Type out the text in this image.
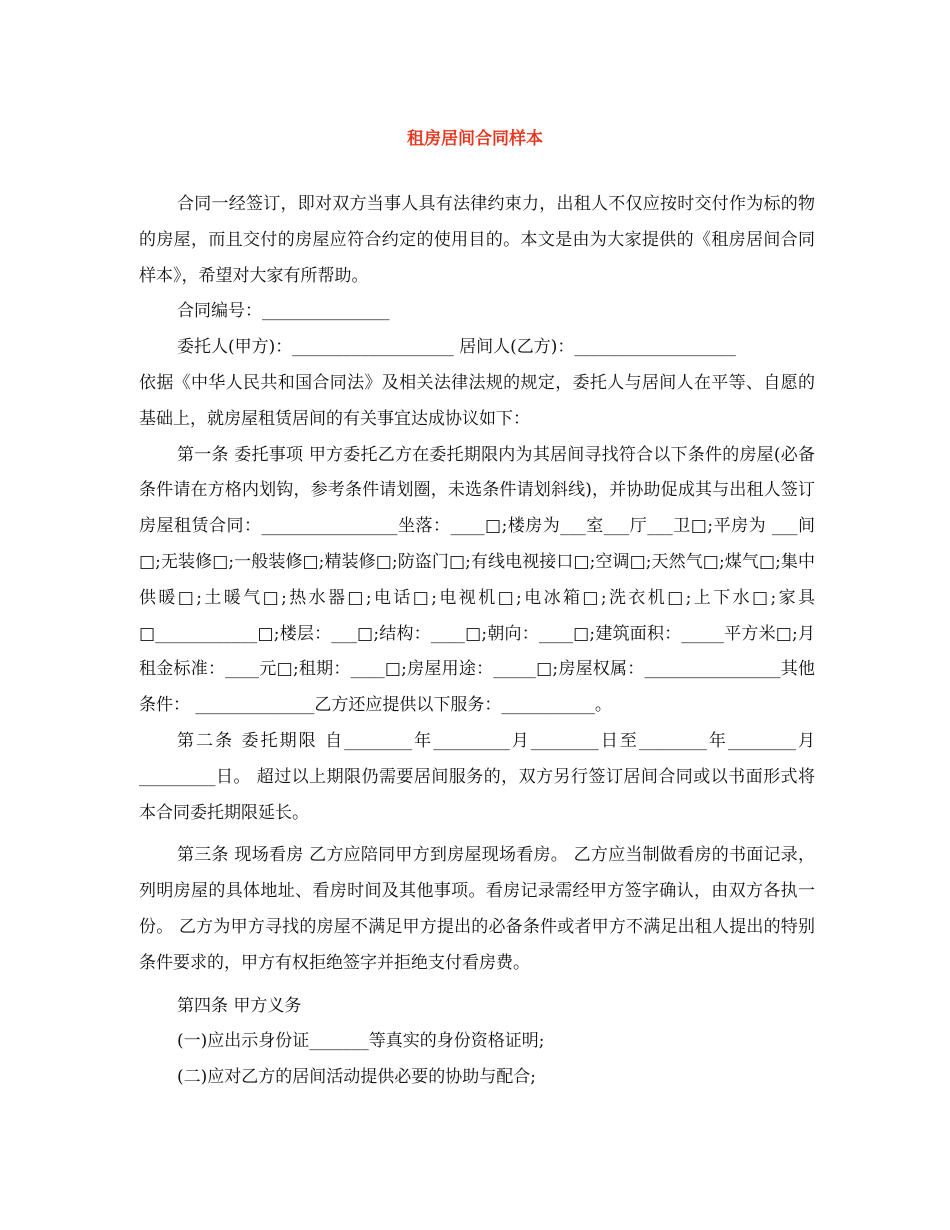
租房居间合同样本

合同一经签订，即对双方当事人具有法律约束力，出租人不仅应按时交付作为标的物的房屋，而且交付的房屋应符合约定的使用目的。本文是由为大家提供的《租房居间合同样本》，希望对大家有所帮助。

合同编号：_______________

委托人(甲方)：___________________ 居间人(乙方)：___________________

依据《中华人民共和国合同法》及相关法律法规的规定，委托人与居间人在平等、自愿的基础上，就房屋租赁居间的有关事宜达成协议如下：

第一条 委托事项 甲方委托乙方在委托期限内为其居间寻找符合以下条件的房屋(必备条件请在方格内划钩，参考条件请划圈，未选条件请划斜线)，并协助促成其与出租人签订房屋租赁合同：________________坐落：____□;楼房为___室___厅___卫□;平房为 ___间□;无装修□;一般装修□;精装修□;防盗门□;有线电视接口□;空调□;天然气□;煤气□;集中供暖□;土暖气□;热水器□;电话□;电视机□;电冰箱□;洗衣机□;上下水□;家具□____________□;楼层：___□;结构：____□;朝向：____□;建筑面积：_____平方米□;月租金标准：____元□;租期：____□;房屋用途：_____□;房屋权属：________________其他条件： ______________乙方还应提供以下服务：___________。

第二条 委托期限 自________年_________月________日至________年________月_________日。 超过以上期限仍需要居间服务的，双方另行签订居间合同或以书面形式将本合同委托期限延长。

第三条 现场看房 乙方应陪同甲方到房屋现场看房。 乙方应当制做看房的书面记录，列明房屋的具体地址、看房时间及其他事项。看房记录需经甲方签字确认，由双方各执一份。 乙方为甲方寻找的房屋不满足甲方提出的必备条件或者甲方不满足出租人提出的特别条件要求的，甲方有权拒绝签字并拒绝支付看房费。

第四条 甲方义务

(一)应出示身份证_______等真实的身份资格证明;

(二)应对乙方的居间活动提供必要的协助与配合;
